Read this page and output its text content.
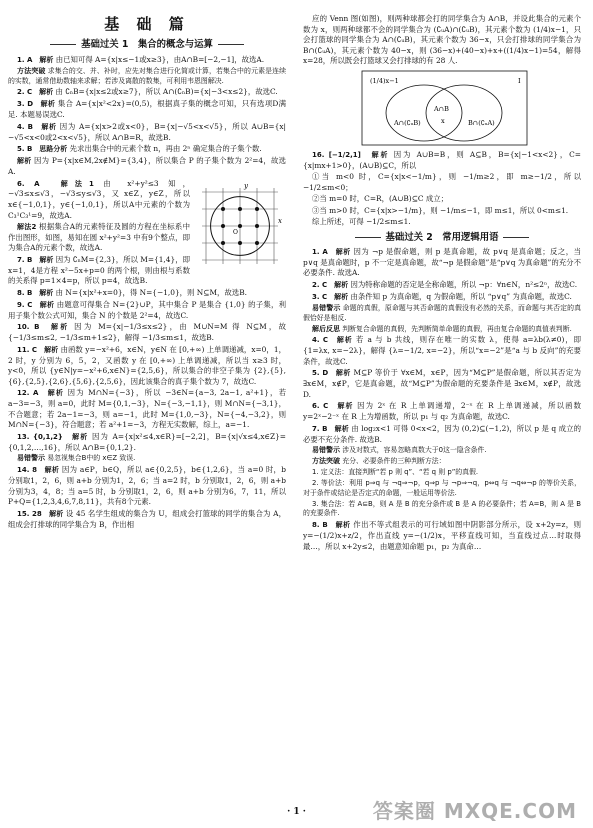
基 础 篇
基础过关 1　集合的概念与运算

1. A　解析 由已知可得 A={x|x≤−1或x≥3}，由A∩B=[−2,−1]，故选A.

方法突破 求集合的交、并、补时，应先对集合进行化简或计算，若集合中的元素是连续的实数，通常借助数轴来求解；若涉及离散的数集，可利用韦恩图解决.

2. C　解析 由 ∁ₙB={x|x≤2或x≥7}，所以 A∩(∁ₙB)={x|−3<x≤2}，故选C.

3. D　解析 集合 A={x|x²<2x}=(0,5)，根据真子集的概念可知，只有选项D满足. 本题易误选C.

4. B　解析 因为 A={x|x>2或x<0}，B={x|−√5<x<√5}，所以 A∪B={x|−√5<x<0或2<x<√5}，所以 A∩B=R，故选B.

5. B　思路分析 先求出集合中的元素个数 n，再由 2ⁿ 确定集合的子集个数.

解析 因为 P={x|x∈M,2x∉M}={3,4}，所以集合 P 的子集个数为 2²=4，故选A.

x
y
O

6. A　解法1 由 x²+y²≤3 知，−√3≤x≤√3，−√3≤y≤√3，又 x∈Z，y∈Z，所以 x∈{−1,0,1}，y∈{−1,0,1}，所以A中元素的个数为 C₃¹C₃¹=9，故选A.

解法2 根据集合A的元素特征及圆的方程在坐标系中作出图形，如图，易知在圆 x²+y²=3 中有9个整点，即为集合A的元素个数，故选A.

7. B　解析 因为 ∁ₙM={2,3}，所以 M={1,4}，即 x=1，4是方程 x²−5x+p=0 的两个根，则由根与系数的关系得 p=1×4=p，所以 p=4，故选B.

8. B　解析 由 N={x|x²+x=0}，得 N={−1,0}，则 N⊆M，故选B.

9. C　解析 由题意可得集合 N={2}∪P，其中集合 P 是集合 {1,0} 的子集，利用子集个数公式可知，集合 N 的个数是 2²=4，故选C.

10. B　解析 因为 M={x|−1/3≤x≤2}，由 M∪N=M 得 N⊆M，故 {−1/3≤m≤2, −1/3≤m+1≤2}，解得 −1/3≤m≤1，故选B.

11. C　解析 由函数 y=−x²+6，x∈N，y∈N 在 [0,+∞) 上单调递减，x=0，1，2 时，y 分别为 6，5，2，又函数 y 在 [0,+∞) 上单调递减，所以当 x≥3 时，y<0，所以 {y∈N|y=−x²+6,x∈N}={2,5,6}，所以集合的非空子集为 {2},{5},{6},{2,5},{2,6},{5,6},{2,5,6}，因此该集合的真子集个数为 7，故选C.

12. A　解析 因为 M∩N={−3}，所以 −3∈N={a−3, 2a−1, a²+1}，若 a−3=−3，则 a=0，此时 M={0,1,−3}，N={−3,−1,1}，则 M∩N={−3,1}，不合题意；若 2a−1=−3，则 a=−1，此时 M={1,0,−3}，N={−4,−3,2}，则 M∩N={−3}，符合题意；若 a²+1=−3，方程无实数解，综上，a=−1.

13. {0,1,2}　解析 因为 A={x|x²≤4,x∈R}=[−2,2]，B={x|√x≤4,x∈Z}={0,1,2,…,16}，所以 A∩B={0,1,2}.

易错警示 易忽视集合B中的 x∈Z 致误.

14. 8　解析 因为 a∈P，b∈Q，所以 a∈{0,2,5}，b∈{1,2,6}，当 a=0 时，b 分别取1，2，6，则 a+b 分别为1，2，6；当 a=2 时，b 分别取1，2，6，则 a+b 分别为3，4，8；当 a=5 时，b 分别取1，2，6，则 a+b 分别为6，7，11，所以 P+Q={1,2,3,4,6,7,8,11}，共有8个元素.

15. 28　解析 设 45 名学生组成的集合为 U，组成会打篮球的同学的集合为 A，组成会打排球的同学集合为 B，作出相

应的 Venn 图(如图)，则两种球都会打的同学集合为 A∩B，并设此集合的元素个数为 x，则两种球都不会的同学集合为 (∁ᵤA)∩(∁ᵤB)，其元素个数为 (1/4)x−1，只会打篮球的同学集合为 A∩(∁ᵤB)，其元素个数为 36−x，只会打排球的同学集合为 B∩(∁ᵤA)，其元素个数为 40−x，则 (36−x)+(40−x)+x+((1/4)x−1)=54，解得 x=28，所以既会打篮球又会打排球的有 28 人.

(1/4)x−1
A∩(∁ᵤB)
A∩B
x	B∩(∁ᵤA)
I

16. [−1/2,1]　解析 因为 A∪B=B，则 A⊆B，B={x|−1<x<2}，C={x|mx+1>0}，(A∪B)⊆C，所以

①当 m<0 时，C={x|x<−1/m}，则 −1/m≥2，即 m≥−1/2，所以 −1/2≤m<0；

②当 m=0 时，C=R，(A∪B)⊆C 成立；

③当 m>0 时，C={x|x>−1/m}，则 −1/m≤−1，即 m≤1，所以 0<m≤1.

综上所述，可得 −1/2≤m≤1.

基础过关 2　常用逻辑用语

1. A　解析 因为 ¬p 是假命题，则 p 是真命题，故 p∨q 是真命题；反之，当 p∨q 是真命题时，p 不一定是真命题，故“¬p 是假命题”是“p∨q 为真命题”的充分不必要条件. 故选A.

2. C　解析 因为特称命题的否定是全称命题，所以 ¬p：∀n∈N，n²≤2ⁿ，故选C.

3. C　解析 由条件知 p 为真命题，q 为假命题，所以 “p∨q” 为真命题，故选C.

易错警示 命题的真假，原命题与其否命题的真假没有必然的关系，而命题与其否定的真假恰好是相反.

解后反思 判断复合命题的真假，先判断简单命题的真假，再由复合命题的真值表判断.

4. C　解析 若 a 与 b 共线，则存在唯一的实数 λ，使得 a=λb(λ≠0)，即 {1=λx, x=−2λ}，解得 {λ=−1/2, x=−2}，所以“x=−2”是“a 与 b 反向”的充要条件，故选C.

5. D　解析 M⊆P 等价于 ∀x∈M，x∈P，因为“M⊆P”是假命题，所以其否定为 ∃x∈M，x∉P，它是真命题，故“M⊆P”为假命题的充要条件是 ∃x∈M，x∉P，故选D.

6. C　解析 因为 2ˣ 在 R 上单调递增，2⁻ˣ 在 R 上单调递减，所以函数 y=2ˣ−2⁻ˣ 在 R 上为增函数，所以 p₁ 与 q₂ 为真命题，故选C.

7. B　解析 由 log₂x<1 可得 0<x<2，因为 (0,2)⊆(−1,2)，所以 p 是 q 成立的必要不充分条件. 故选B.

易错警示 涉及对数式，容易忽略真数大于0这一隐含条件.

方法突破 充分、必要条件的三种判断方法：

1. 定义法：直接判断“若 p 则 q”、“若 q 则 p”的真假.

2. 等价法：利用 p⇒q 与 ¬q⇒¬p，q⇒p 与 ¬p⇒¬q，p⇔q 与 ¬q⇔¬p 的等价关系，对于条件或结论是否定式的命题，一般运用等价法.

3. 集合法：若 A⊆B，则 A 是 B 的充分条件或 B 是 A 的必要条件；若 A=B，则 A 是 B 的充要条件.

8. B　解析 作出不等式组表示的可行域如图中阴影部分所示，设 x+2y=z，则 y=−(1/2)x+z/2，作出直线 y=−(1/2)x，平移直线可知，当直线过点…时取得最…，所以 x+2y≤2，由题意知命题 p₁，p₂ 为真命…

· 1 ·	答案圈 MXQE.COM
